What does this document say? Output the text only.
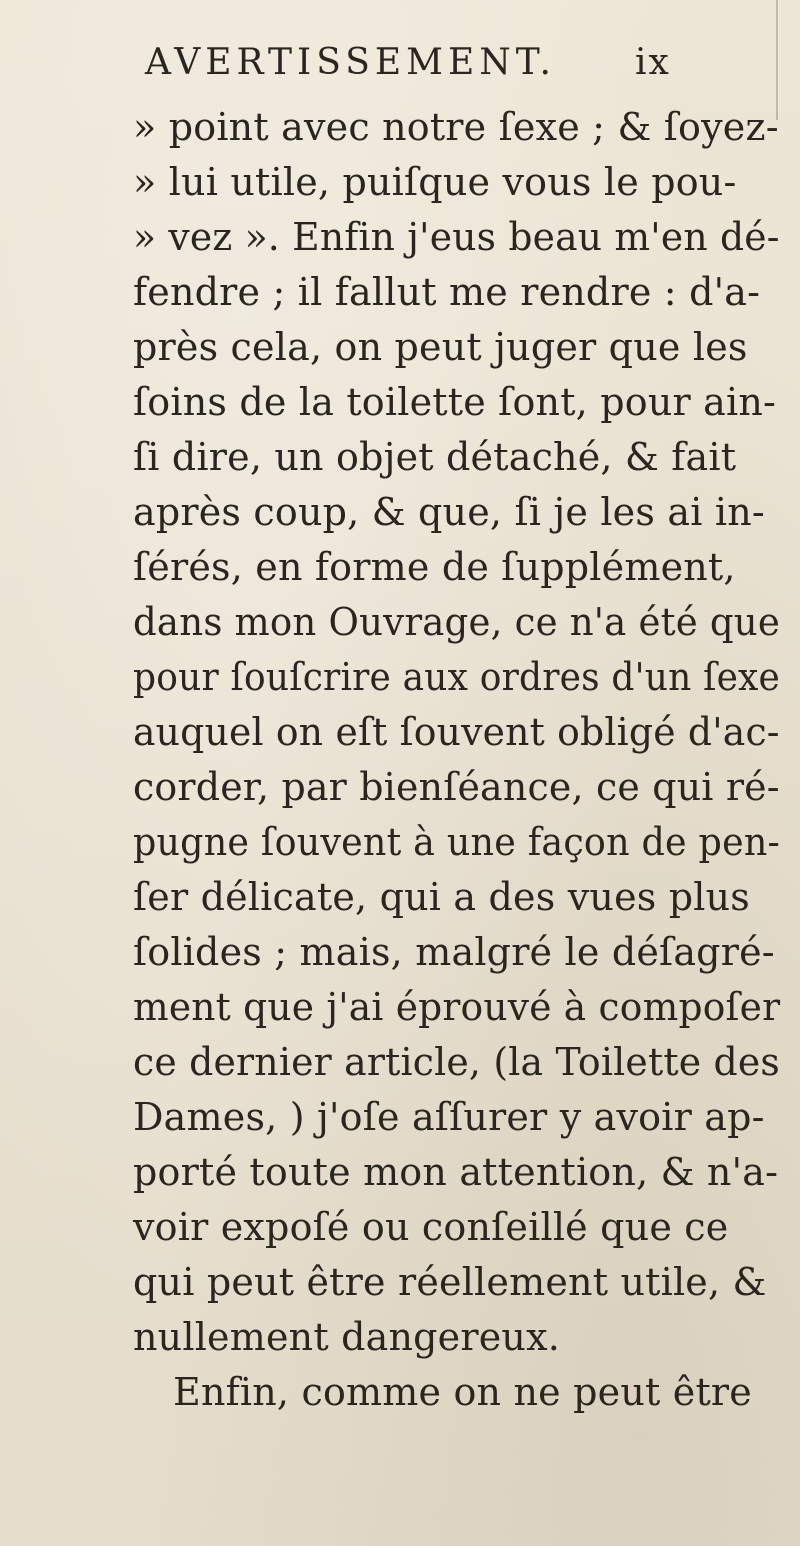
AVERTISSEMENT. ix
» point avec notre ſexe ; & ſoyez-
» lui utile, puiſque vous le pou-
» vez ». Enfin j'eus beau m'en dé-
fendre ; il fallut me rendre : d'a-
près cela, on peut juger que les
ſoins de la toilette ſont, pour ain-
ſi dire, un objet détaché, & fait
après coup, & que, ſi je les ai in-
ſérés, en forme de ſupplément,
dans mon Ouvrage, ce n'a été que
pour ſouſcrire aux ordres d'un ſexe
auquel on eſt ſouvent obligé d'ac-
corder, par bienſéance, ce qui ré-
pugne ſouvent à une façon de pen-
ſer délicate, qui a des vues plus
ſolides ; mais, malgré le déſagré-
ment que j'ai éprouvé à compoſer
ce dernier article, (la Toilette des
Dames, ) j'oſe aſſurer y avoir ap-
porté toute mon attention, & n'a-
voir expoſé ou conſeillé que ce
qui peut être réellement utile, &
nullement dangereux.
Enfin, comme on ne peut être
